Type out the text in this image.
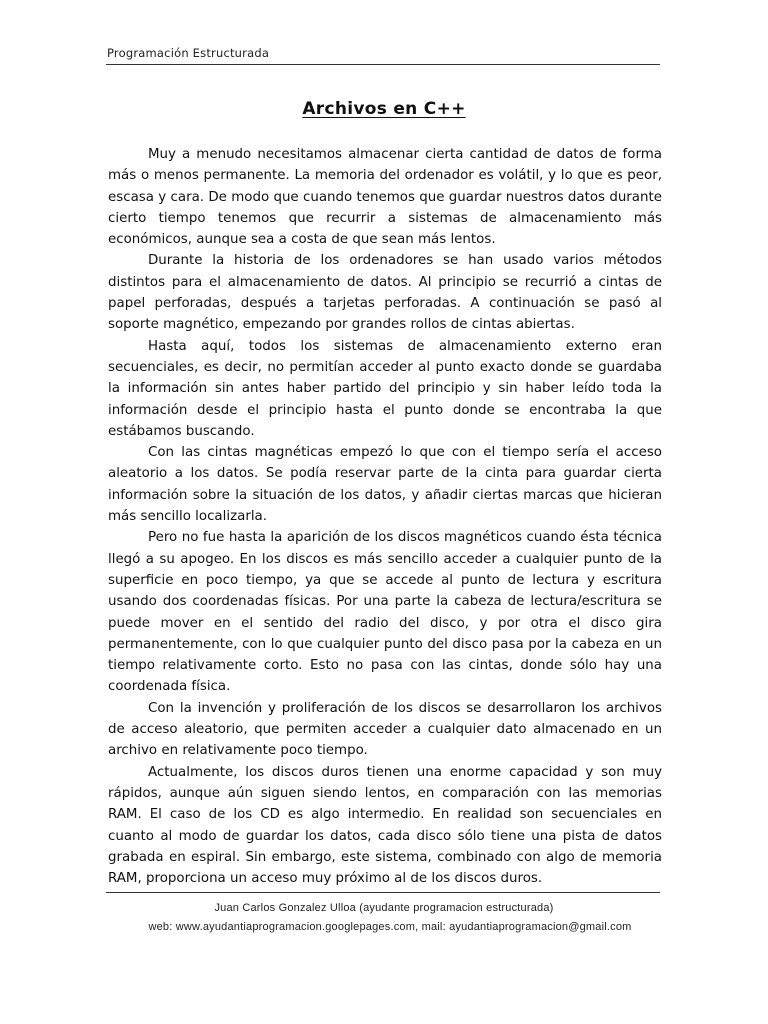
Programación Estructurada
Archivos en C++

Muy a menudo necesitamos almacenar cierta cantidad de datos de forma más o menos permanente. La memoria del ordenador es volátil, y lo que es peor, escasa y cara. De modo que cuando tenemos que guardar nuestros datos durante cierto tiempo tenemos que recurrir a sistemas de almacenamiento más económicos, aunque sea a costa de que sean más lentos.

Durante la historia de los ordenadores se han usado varios métodos distintos para el almacenamiento de datos. Al principio se recurrió a cintas de papel perforadas, después a tarjetas perforadas. A continuación se pasó al soporte magnético, empezando por grandes rollos de cintas abiertas.

Hasta aquí, todos los sistemas de almacenamiento externo eran secuenciales, es decir, no permitían acceder al punto exacto donde se guardaba la información sin antes haber partido del principio y sin haber leído toda la información desde el principio hasta el punto donde se encontraba la que estábamos buscando.

Con las cintas magnéticas empezó lo que con el tiempo sería el acceso aleatorio a los datos. Se podía reservar parte de la cinta para guardar cierta información sobre la situación de los datos, y añadir ciertas marcas que hicieran más sencillo localizarla.

Pero no fue hasta la aparición de los discos magnéticos cuando ésta técnica llegó a su apogeo. En los discos es más sencillo acceder a cualquier punto de la superficie en poco tiempo, ya que se accede al punto de lectura y escritura usando dos coordenadas físicas. Por una parte la cabeza de lectura/escritura se puede mover en el sentido del radio del disco, y por otra el disco gira permanentemente, con lo que cualquier punto del disco pasa por la cabeza en un tiempo relativamente corto. Esto no pasa con las cintas, donde sólo hay una coordenada física.

Con la invención y proliferación de los discos se desarrollaron los archivos de acceso aleatorio, que permiten acceder a cualquier dato almacenado en un archivo en relativamente poco tiempo.

Actualmente, los discos duros tienen una enorme capacidad y son muy rápidos, aunque aún siguen siendo lentos, en comparación con las memorias RAM. El caso de los CD es algo intermedio. En realidad son secuenciales en cuanto al modo de guardar los datos, cada disco sólo tiene una pista de datos grabada en espiral. Sin embargo, este sistema, combinado con algo de memoria RAM, proporciona un acceso muy próximo al de los discos duros.

Juan Carlos Gonzalez Ulloa (ayudante programacion estructurada)
web: www.ayudantiaprogramacion.googlepages.com, mail: ayudantiaprogramacion@gmail.com
